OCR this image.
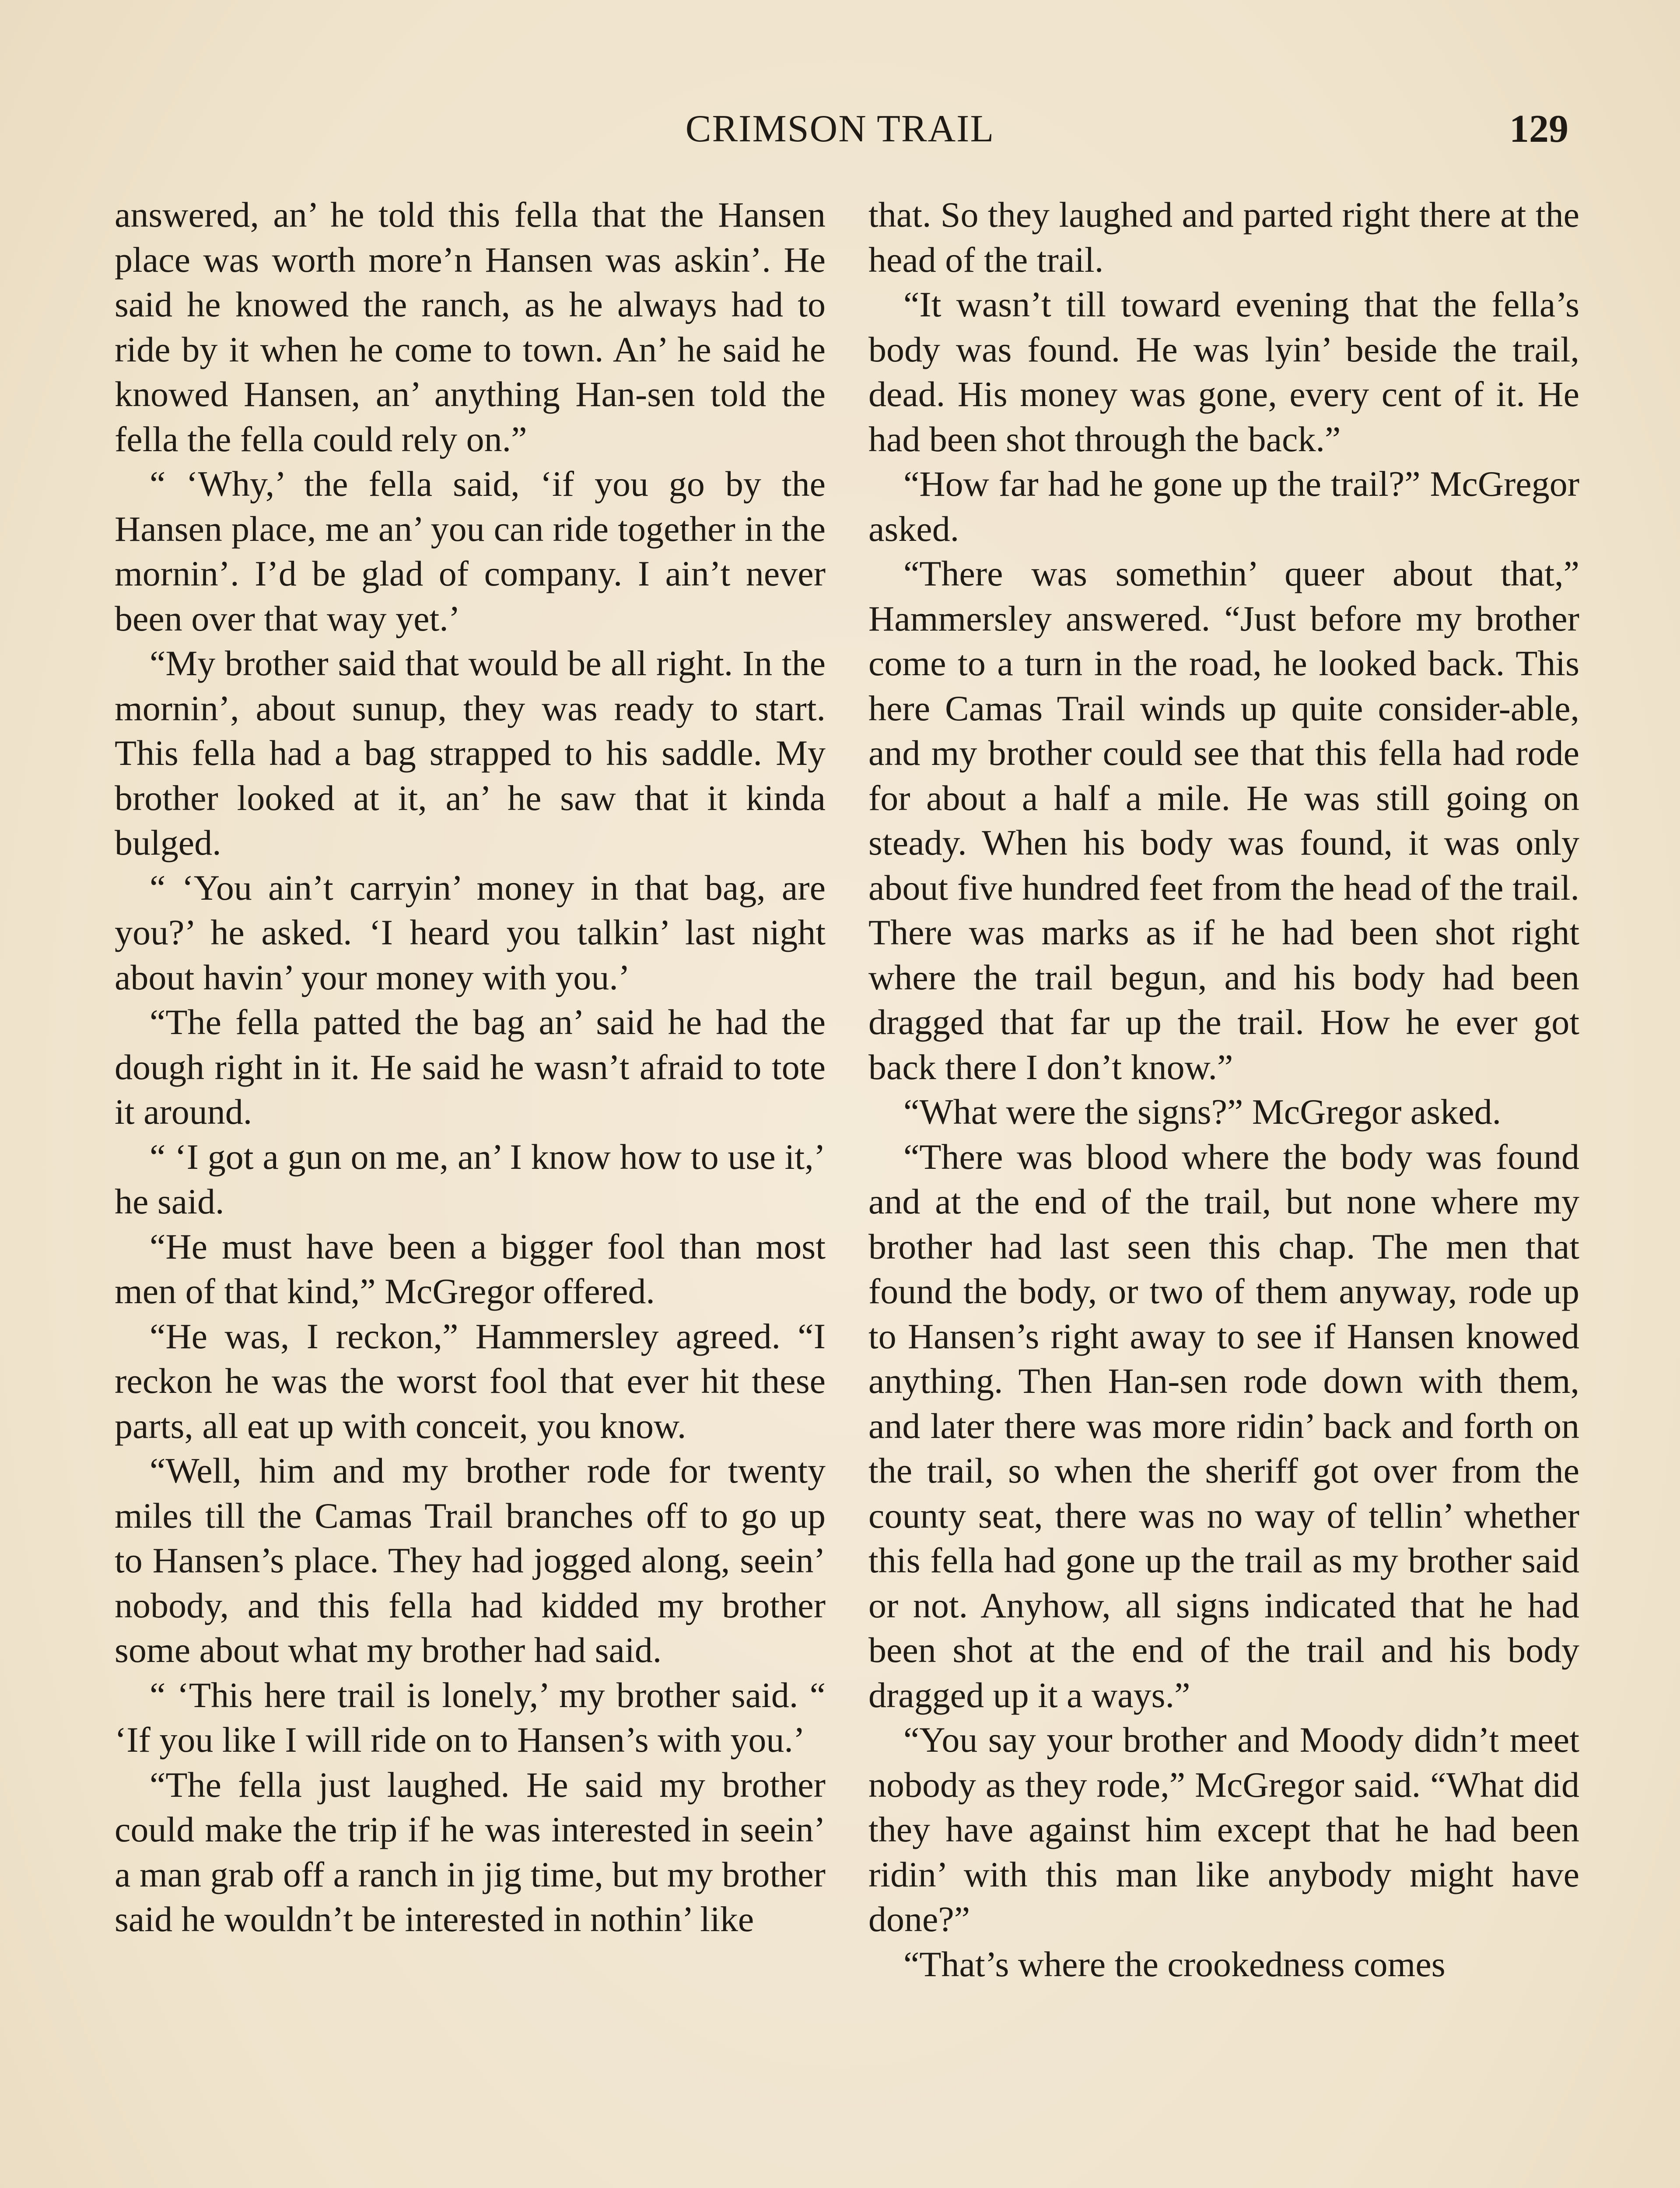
CRIMSON TRAIL	129

answered, an’ he told this fella that the Hansen place was worth more’n Hansen was askin’. He said he knowed the ranch, as he always had to ride by it when he come to town. An’ he said he knowed Hansen, an’ anything Han-sen told the fella the fella could rely on.”

“ ‘Why,’ the fella said, ‘if you go by the Hansen place, me an’ you can ride together in the mornin’. I’d be glad of company. I ain’t never been over that way yet.’

“My brother said that would be all right. In the mornin’, about sunup, they was ready to start. This fella had a bag strapped to his saddle. My brother looked at it, an’ he saw that it kinda bulged.

“ ‘You ain’t carryin’ money in that bag, are you?’ he asked. ‘I heard you talkin’ last night about havin’ your money with you.’

“The fella patted the bag an’ said he had the dough right in it. He said he wasn’t afraid to tote it around.

“ ‘I got a gun on me, an’ I know how to use it,’ he said.

“He must have been a bigger fool than most men of that kind,” McGregor offered.

“He was, I reckon,” Hammersley agreed. “I reckon he was the worst fool that ever hit these parts, all eat up with conceit, you know.

“Well, him and my brother rode for twenty miles till the Camas Trail branches off to go up to Hansen’s place. They had jogged along, seein’ nobody, and this fella had kidded my brother some about what my brother had said.

“ ‘This here trail is lonely,’ my brother said. “ ‘If you like I will ride on to Hansen’s with you.’

“The fella just laughed. He said my brother could make the trip if he was interested in seein’ a man grab off a ranch in jig time, but my brother said he wouldn’t be interested in nothin’ like

that. So they laughed and parted right there at the head of the trail.

“It wasn’t till toward evening that the fella’s body was found. He was lyin’ beside the trail, dead. His money was gone, every cent of it. He had been shot through the back.”

“How far had he gone up the trail?” McGregor asked.

“There was somethin’ queer about that,” Hammersley answered. “Just before my brother come to a turn in the road, he looked back. This here Camas Trail winds up quite consider-able, and my brother could see that this fella had rode for about a half a mile. He was still going on steady. When his body was found, it was only about five hundred feet from the head of the trail. There was marks as if he had been shot right where the trail begun, and his body had been dragged that far up the trail. How he ever got back there I don’t know.”

“What were the signs?” McGregor asked.

“There was blood where the body was found and at the end of the trail, but none where my brother had last seen this chap. The men that found the body, or two of them anyway, rode up to Hansen’s right away to see if Hansen knowed anything. Then Han-sen rode down with them, and later there was more ridin’ back and forth on the trail, so when the sheriff got over from the county seat, there was no way of tellin’ whether this fella had gone up the trail as my brother said or not. Anyhow, all signs indicated that he had been shot at the end of the trail and his body dragged up it a ways.”

“You say your brother and Moody didn’t meet nobody as they rode,” McGregor said. “What did they have against him except that he had been ridin’ with this man like anybody might have done?”

“That’s where the crookedness comes
